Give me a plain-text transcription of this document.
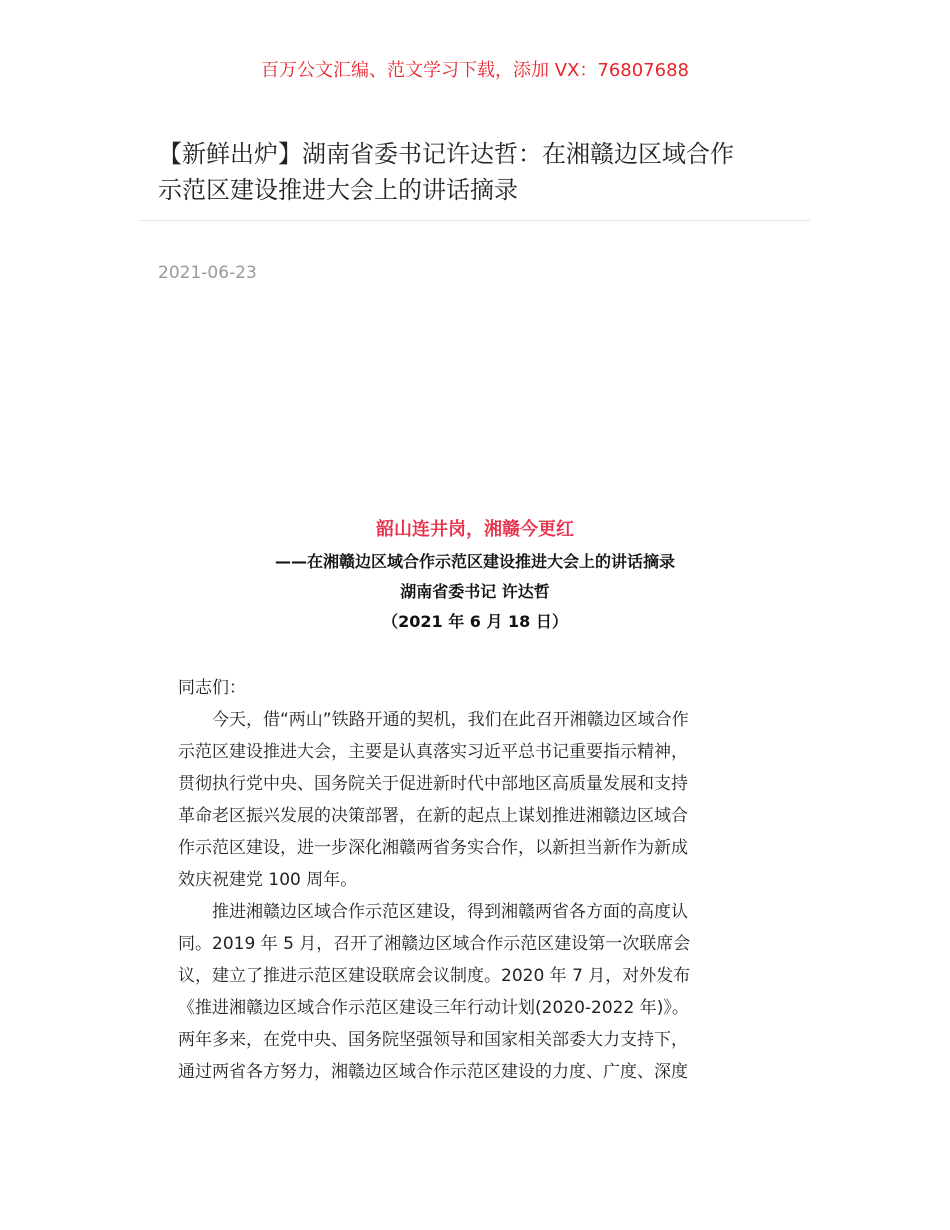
百万公文汇编、范文学习下载，添加 VX：76807688
【新鲜出炉】湖南省委书记许达哲：在湘赣边区域合作
示范区建设推进大会上的讲话摘录
2021-06-23
韶山连井岗，湘赣今更红
——在湘赣边区域合作示范区建设推进大会上的讲话摘录
湖南省委书记 许达哲
（2021 年 6 月 18 日）
同志们：
今天，借“两山”铁路开通的契机，我们在此召开湘赣边区域合作
示范区建设推进大会，主要是认真落实习近平总书记重要指示精神，
贯彻执行党中央、国务院关于促进新时代中部地区高质量发展和支持
革命老区振兴发展的决策部署，在新的起点上谋划推进湘赣边区域合
作示范区建设，进一步深化湘赣两省务实合作，以新担当新作为新成
效庆祝建党 100 周年。
推进湘赣边区域合作示范区建设，得到湘赣两省各方面的高度认
同。2019 年 5 月，召开了湘赣边区域合作示范区建设第一次联席会
议，建立了推进示范区建设联席会议制度。2020 年 7 月，对外发布
《推进湘赣边区域合作示范区建设三年行动计划(2020-2022 年)》。
两年多来，在党中央、国务院坚强领导和国家相关部委大力支持下，
通过两省各方努力，湘赣边区域合作示范区建设的力度、广度、深度
